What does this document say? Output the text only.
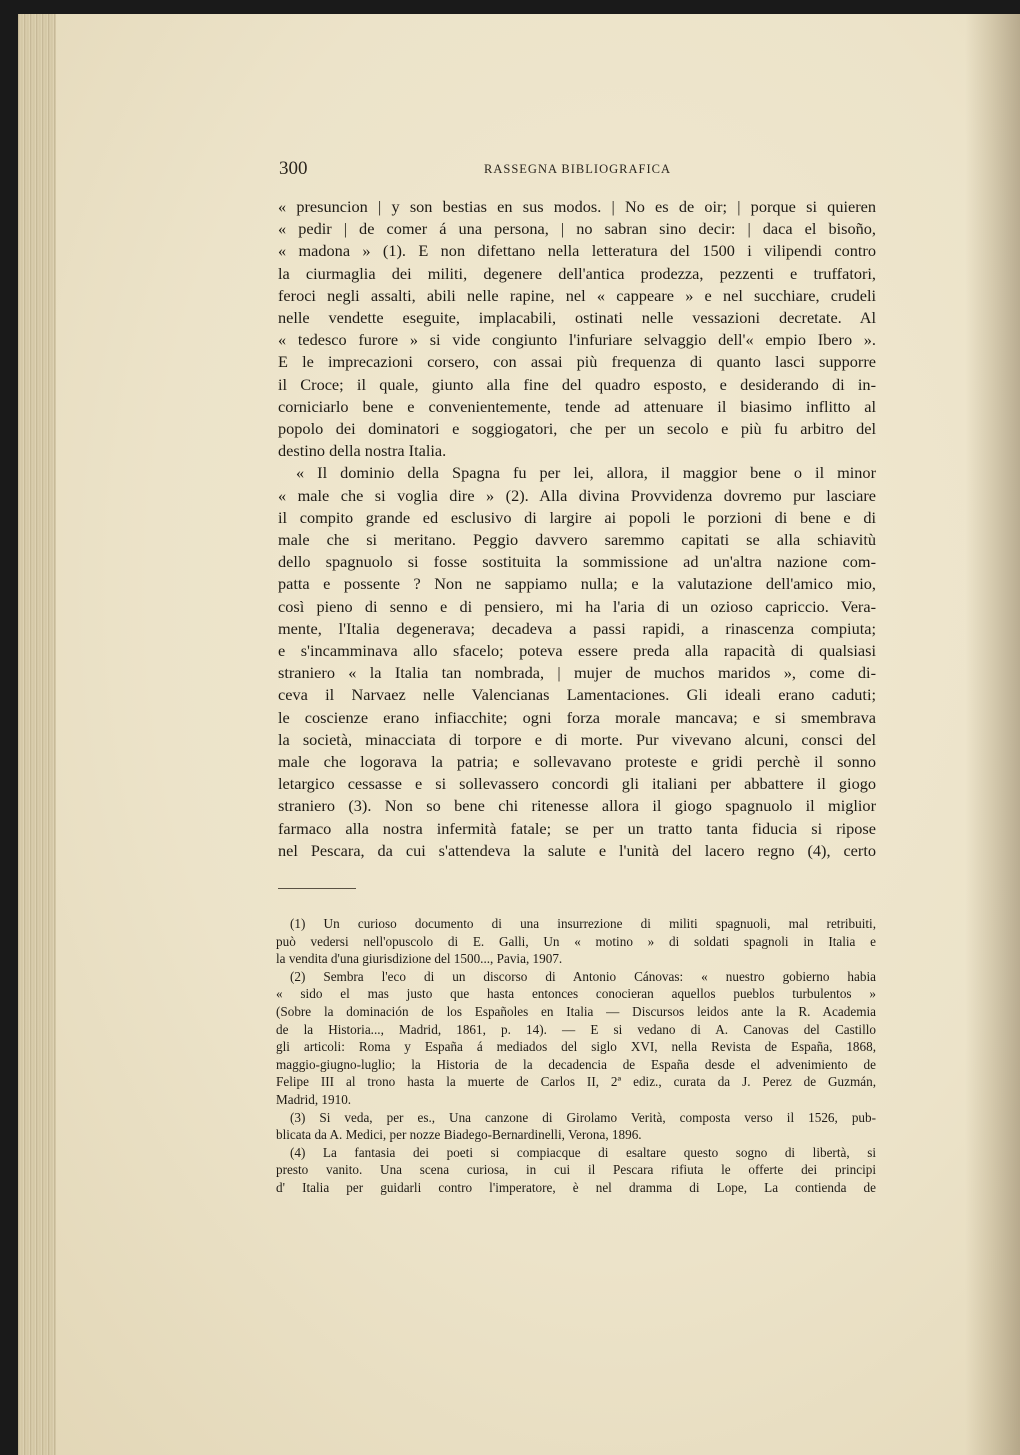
300	RASSEGNA BIBLIOGRAFICA
« presuncion | y son bestias en sus modos. | No es de oir; | porque si quieren
« pedir | de comer á una persona, | no sabran sino decir: | daca el bisoño,
« madona » (1). E non difettano nella letteratura del 1500 i vilipendi contro
la ciurmaglia dei militi, degenere dell'antica prodezza, pezzenti e truffatori,
feroci negli assalti, abili nelle rapine, nel « cappeare » e nel succhiare, crudeli
nelle vendette eseguite, implacabili, ostinati nelle vessazioni decretate. Al
« tedesco furore » si vide congiunto l'infuriare selvaggio dell'« empio Ibero ».
E le imprecazioni corsero, con assai più frequenza di quanto lasci supporre
il Croce; il quale, giunto alla fine del quadro esposto, e desiderando di in-
corniciarlo bene e convenientemente, tende ad attenuare il biasimo inflitto al
popolo dei dominatori e soggiogatori, che per un secolo e più fu arbitro del
destino della nostra Italia.
« Il dominio della Spagna fu per lei, allora, il maggior bene o il minor
« male che si voglia dire » (2). Alla divina Provvidenza dovremo pur lasciare
il compito grande ed esclusivo di largire ai popoli le porzioni di bene e di
male che si meritano. Peggio davvero saremmo capitati se alla schiavitù
dello spagnuolo si fosse sostituita la sommissione ad un'altra nazione com-
patta e possente ? Non ne sappiamo nulla; e la valutazione dell'amico mio,
così pieno di senno e di pensiero, mi ha l'aria di un ozioso capriccio. Vera-
mente, l'Italia degenerava; decadeva a passi rapidi, a rinascenza compiuta;
e s'incamminava allo sfacelo; poteva essere preda alla rapacità di qualsiasi
straniero « la Italia tan nombrada, | mujer de muchos maridos », come di-
ceva il Narvaez nelle Valencianas Lamentaciones. Gli ideali erano caduti;
le coscienze erano infiacchite; ogni forza morale mancava; e si smembrava
la società, minacciata di torpore e di morte. Pur vivevano alcuni, consci del
male che logorava la patria; e sollevavano proteste e gridi perchè il sonno
letargico cessasse e si sollevassero concordi gli italiani per abbattere il giogo
straniero (3). Non so bene chi ritenesse allora il giogo spagnuolo il miglior
farmaco alla nostra infermità fatale; se per un tratto tanta fiducia si ripose
nel Pescara, da cui s'attendeva la salute e l'unità del lacero regno (4), certo
(1) Un curioso documento di una insurrezione di militi spagnuoli, mal retribuiti,
può vedersi nell'opuscolo di E. Galli, Un « motino » di soldati spagnoli in Italia e
la vendita d'una giurisdizione del 1500..., Pavia, 1907.
(2) Sembra l'eco di un discorso di Antonio Cánovas: « nuestro gobierno habia
« sido el mas justo que hasta entonces conocieran aquellos pueblos turbulentos »
(Sobre la dominación de los Españoles en Italia — Discursos leidos ante la R. Academia
de la Historia..., Madrid, 1861, p. 14). — E si vedano di A. Canovas del Castillo
gli articoli: Roma y España á mediados del siglo XVI, nella Revista de España, 1868,
maggio-giugno-luglio; la Historia de la decadencia de España desde el advenimiento de
Felipe III al trono hasta la muerte de Carlos II, 2ª ediz., curata da J. Perez de Guzmán,
Madrid, 1910.
(3) Si veda, per es., Una canzone di Girolamo Verità, composta verso il 1526, pub-
blicata da A. Medici, per nozze Biadego-Bernardinelli, Verona, 1896.
(4) La fantasia dei poeti si compiacque di esaltare questo sogno di libertà, si
presto vanito. Una scena curiosa, in cui il Pescara rifiuta le offerte dei principi
d' Italia per guidarli contro l'imperatore, è nel dramma di Lope, La contienda de
